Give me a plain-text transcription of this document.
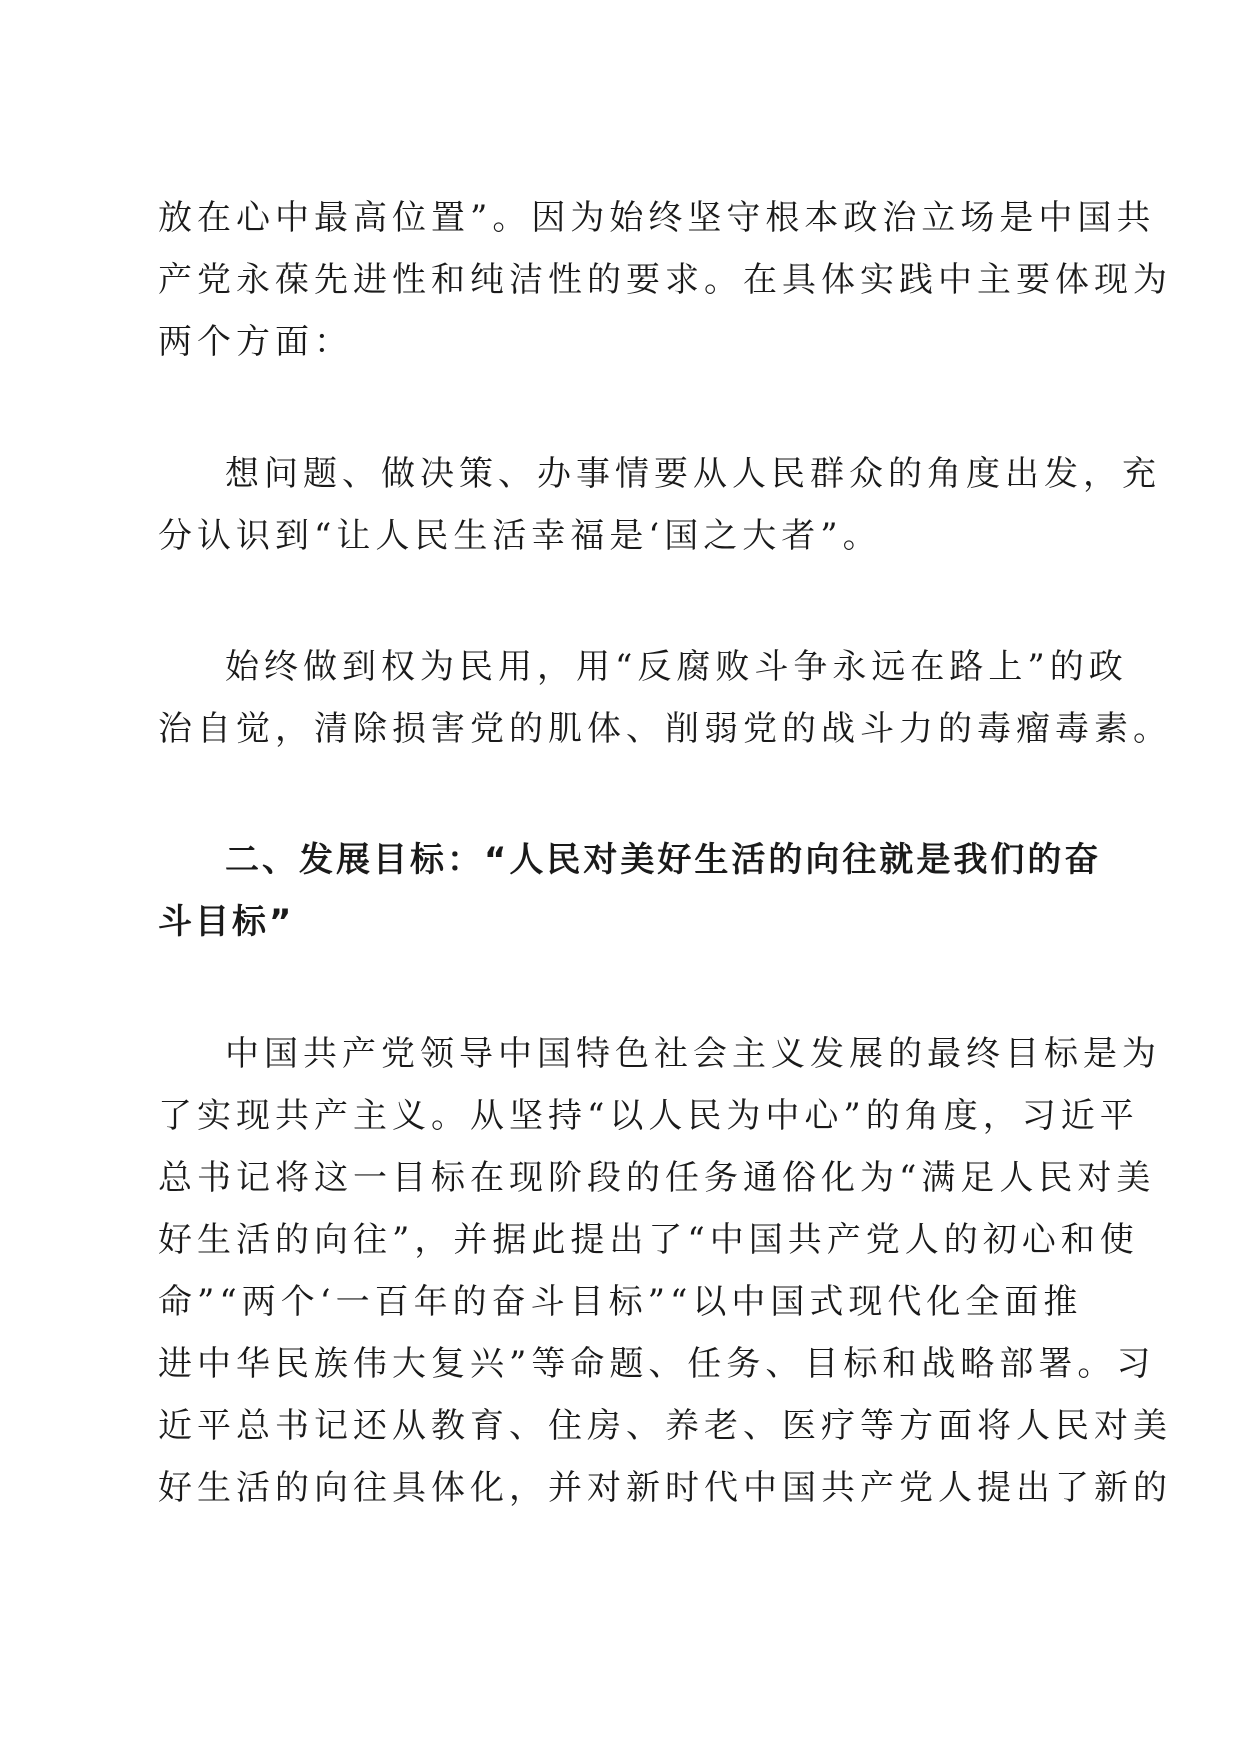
放在心中最高位置”。因为始终坚守根本政治立场是中国共
产党永葆先进性和纯洁性的要求。在具体实践中主要体现为
两个方面：
想问题、做决策、办事情要从人民群众的角度出发，充
分认识到“让人民生活幸福是‘国之大者”。
始终做到权为民用，用“反腐败斗争永远在路上”的政
治自觉，清除损害党的肌体、削弱党的战斗力的毒瘤毒素。
二、发展目标：“人民对美好生活的向往就是我们的奋
斗目标”
中国共产党领导中国特色社会主义发展的最终目标是为
了实现共产主义。从坚持“以人民为中心”的角度，习近平
总书记将这一目标在现阶段的任务通俗化为“满足人民对美
好生活的向往”，并据此提出了“中国共产党人的初心和使
命”“两个‘一百年的奋斗目标”“以中国式现代化全面推
进中华民族伟大复兴”等命题、任务、目标和战略部署。习
近平总书记还从教育、住房、养老、医疗等方面将人民对美
好生活的向往具体化，并对新时代中国共产党人提出了新的
